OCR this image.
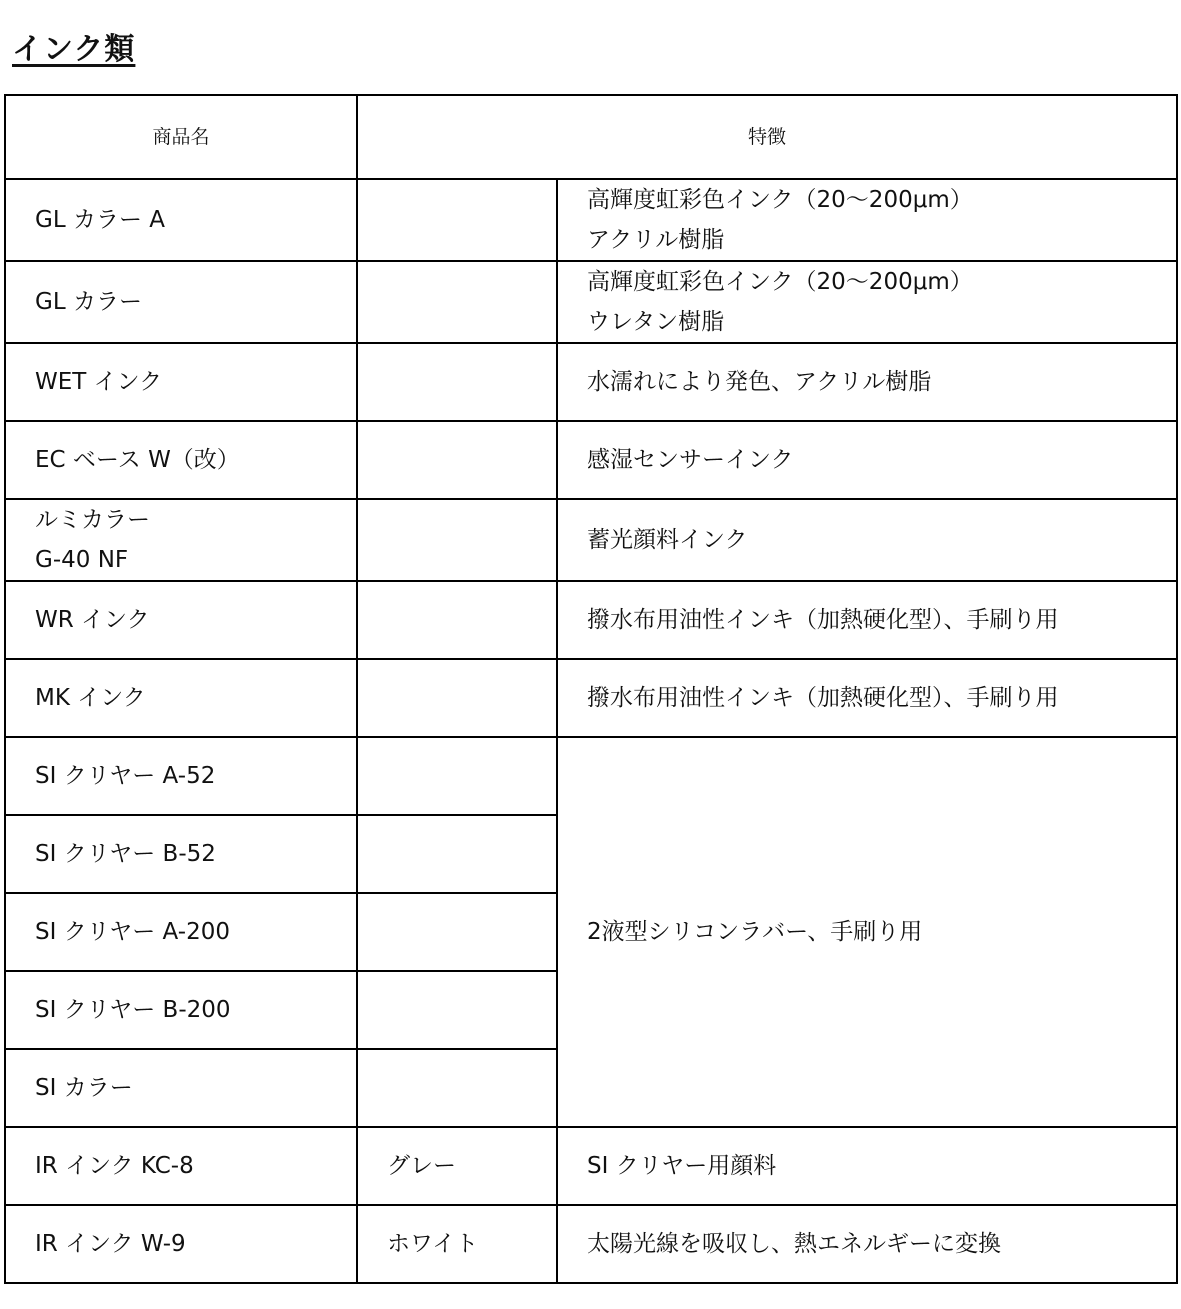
インク類
商品名	特徴	

GL カラー A		高輝度虹彩色インク（20～200μm）
アクリル樹脂

GL カラー		高輝度虹彩色インク（20～200μm）
ウレタン樹脂

WET インク		水濡れにより発色、アクリル樹脂

EC ベース W（改）		感湿センサーインク

ルミカラー
G-40 NF		蓄光顔料インク

WR インク		撥水布用油性インキ（加熱硬化型）、手刷り用

MK インク		撥水布用油性インキ（加熱硬化型）、手刷り用

SI クリヤー A-52		2液型シリコンラバー、手刷り用

SI クリヤー B-52		

SI クリヤー A-200		

SI クリヤー B-200		

SI カラー		

IR インク KC-8	グレー	SI クリヤー用顔料

IR インク W-9	ホワイト	太陽光線を吸収し、熱エネルギーに変換
